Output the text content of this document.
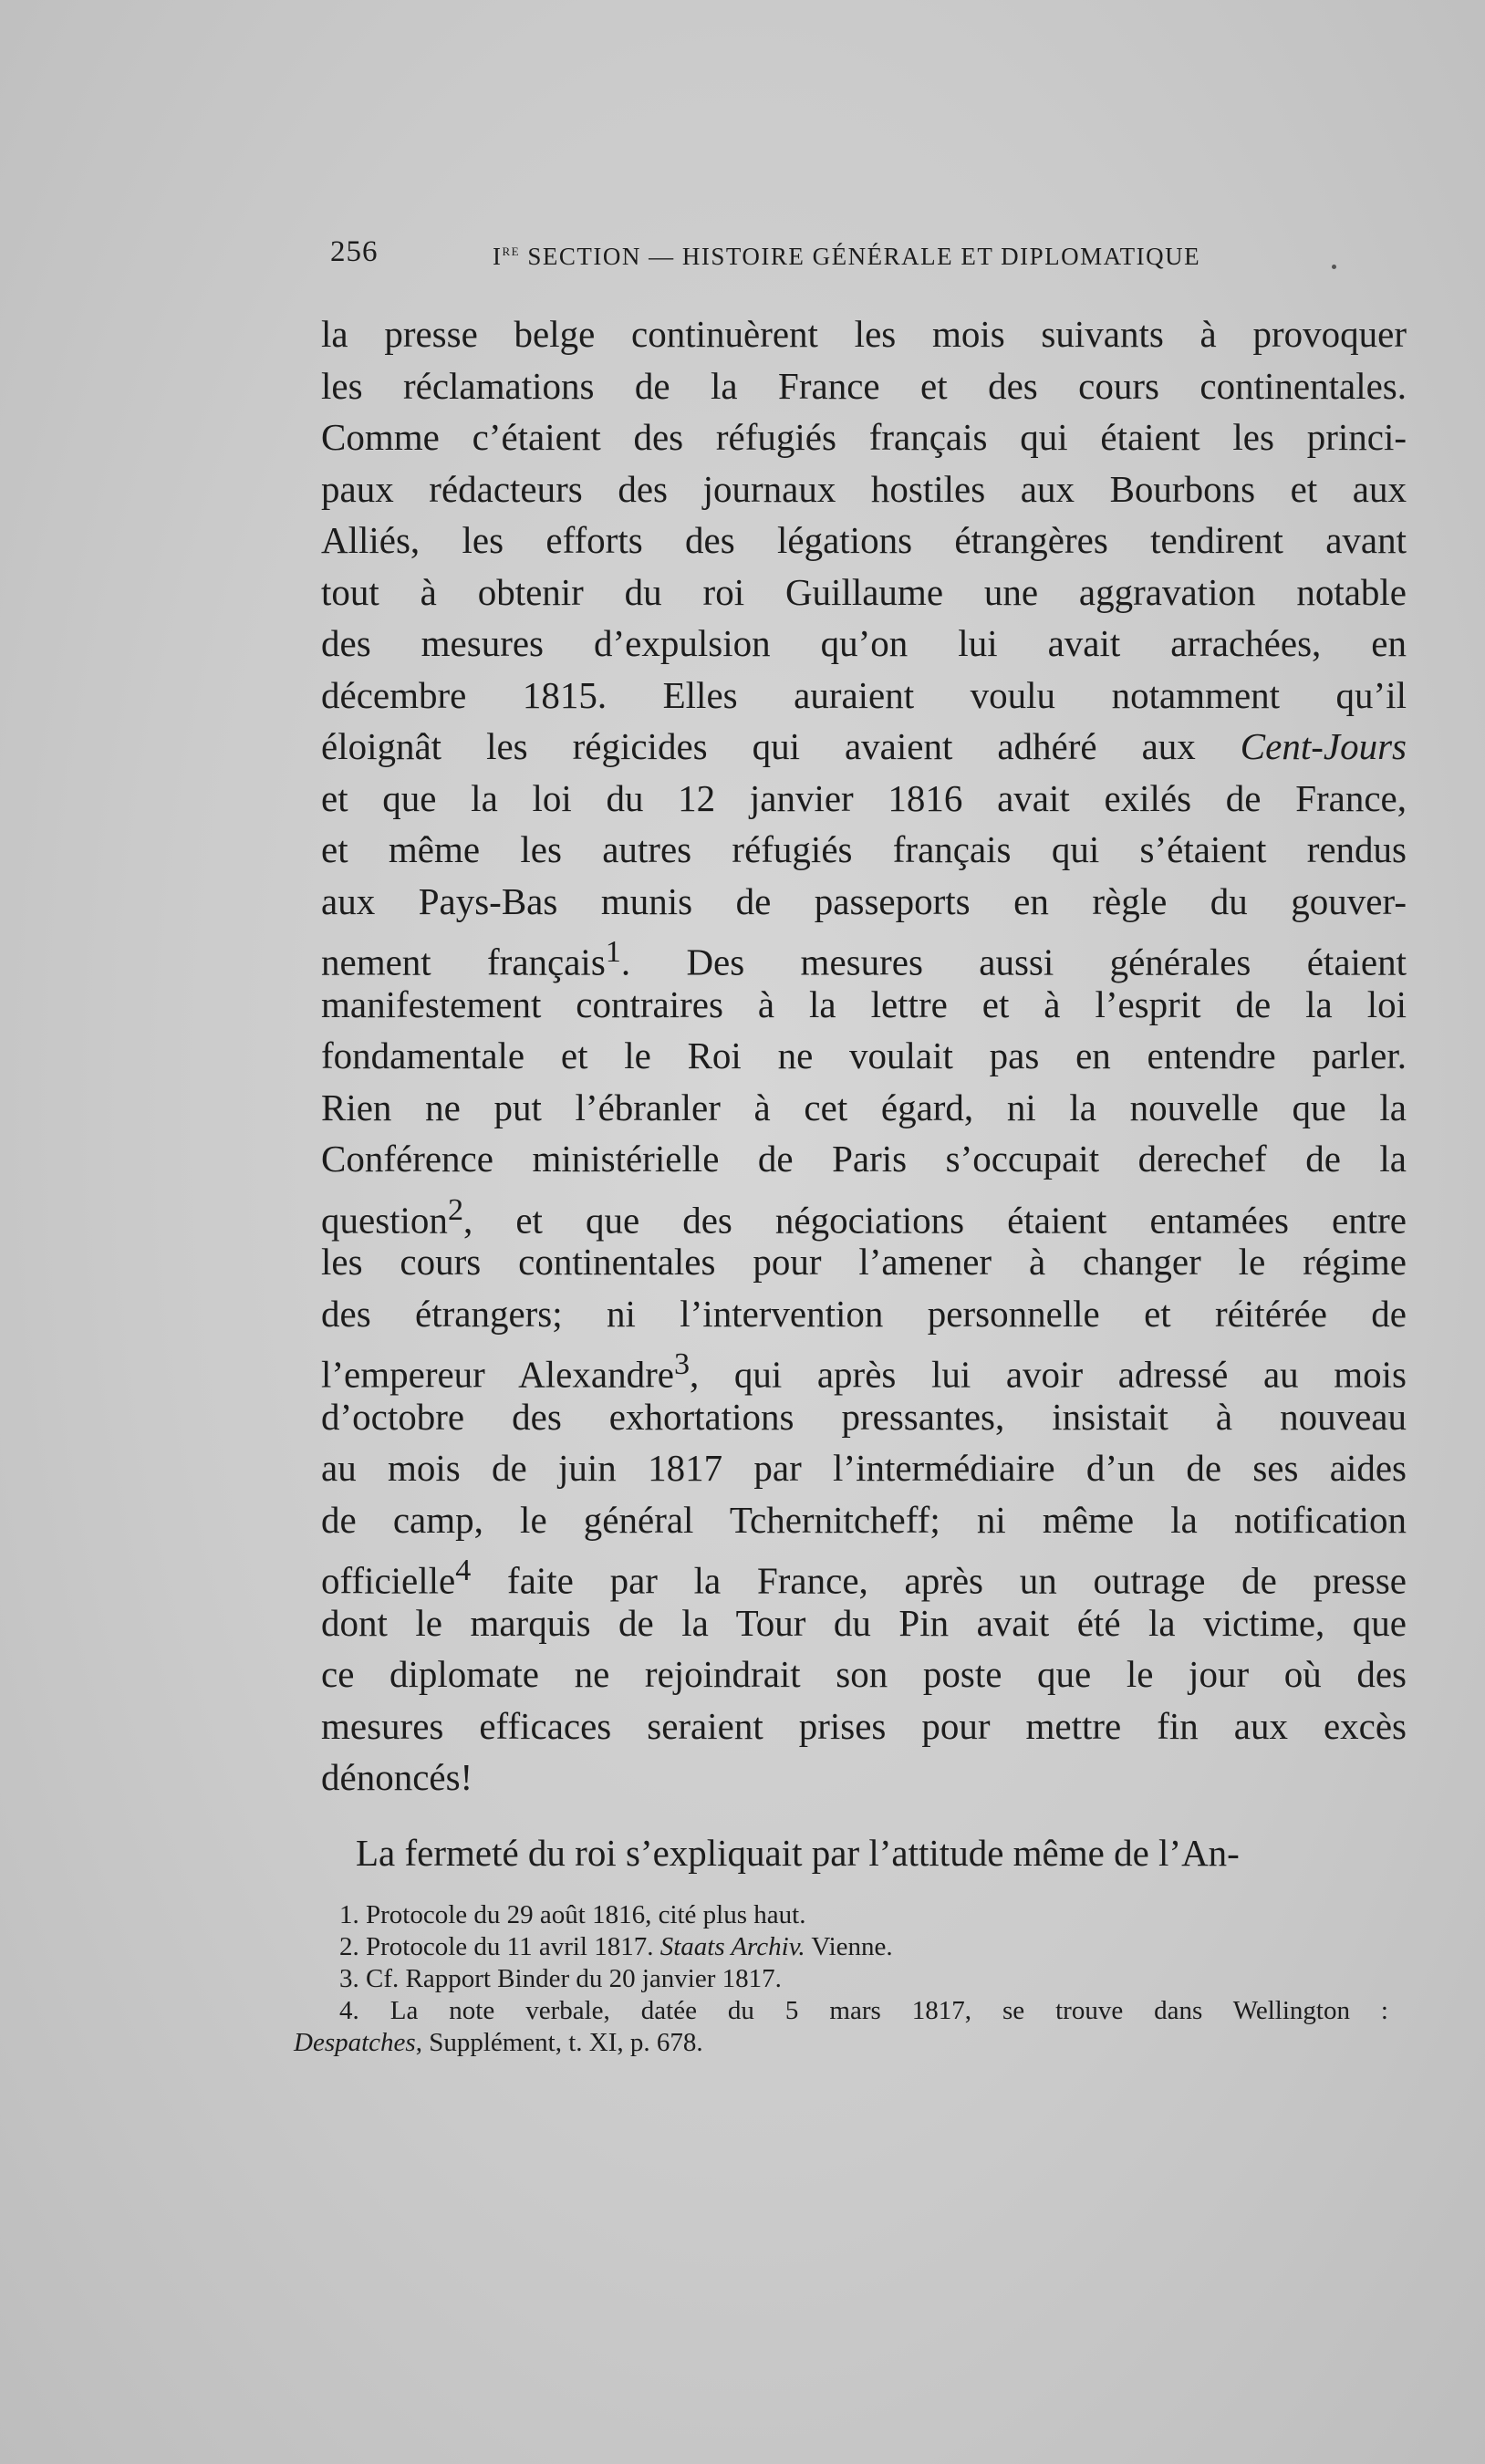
256	Ire SECTION — HISTOIRE GÉNÉRALE ET DIPLOMATIQUE
la presse belge continuèrent les mois suivants à provoquer
les réclamations de la France et des cours continentales.
Comme c’étaient des réfugiés français qui étaient les princi-
paux rédacteurs des journaux hostiles aux Bourbons et aux
Alliés, les efforts des légations étrangères tendirent avant
tout à obtenir du roi Guillaume une aggravation notable
des mesures d’expulsion qu’on lui avait arrachées, en
décembre 1815. Elles auraient voulu notamment qu’il
éloignât les régicides qui avaient adhéré aux Cent-Jours
et que la loi du 12 janvier 1816 avait exilés de France,
et même les autres réfugiés français qui s’étaient rendus
aux Pays-Bas munis de passeports en règle du gouver-
nement français$^1$. Des mesures aussi générales étaient
manifestement contraires à la lettre et à l’esprit de la loi
fondamentale et le Roi ne voulait pas en entendre parler.
Rien ne put l’ébranler à cet égard, ni la nouvelle que la
Conférence ministérielle de Paris s’occupait derechef de la
question$^2$, et que des négociations étaient entamées entre
les cours continentales pour l’amener à changer le régime
des étrangers; ni l’intervention personnelle et réitérée de
l’empereur Alexandre$^3$, qui après lui avoir adressé au mois
d’octobre des exhortations pressantes, insistait à nouveau
au mois de juin 1817 par l’intermédiaire d’un de ses aides
de camp, le général Tchernitcheff; ni même la notification
officielle$^4$ faite par la France, après un outrage de presse
dont le marquis de la Tour du Pin avait été la victime, que
ce diplomate ne rejoindrait son poste que le jour où des
mesures efficaces seraient prises pour mettre fin aux excès
dénoncés!
La fermeté du roi s’expliquait par l’attitude même de l’An-
1. Protocole du 29 août 1816, cité plus haut.
2. Protocole du 11 avril 1817. Staats Archiv. Vienne.
3. Cf. Rapport Binder du 20 janvier 1817.
4. La note verbale, datée du 5 mars 1817, se trouve dans Wellington :
Despatches, Supplément, t. XI, p. 678.
